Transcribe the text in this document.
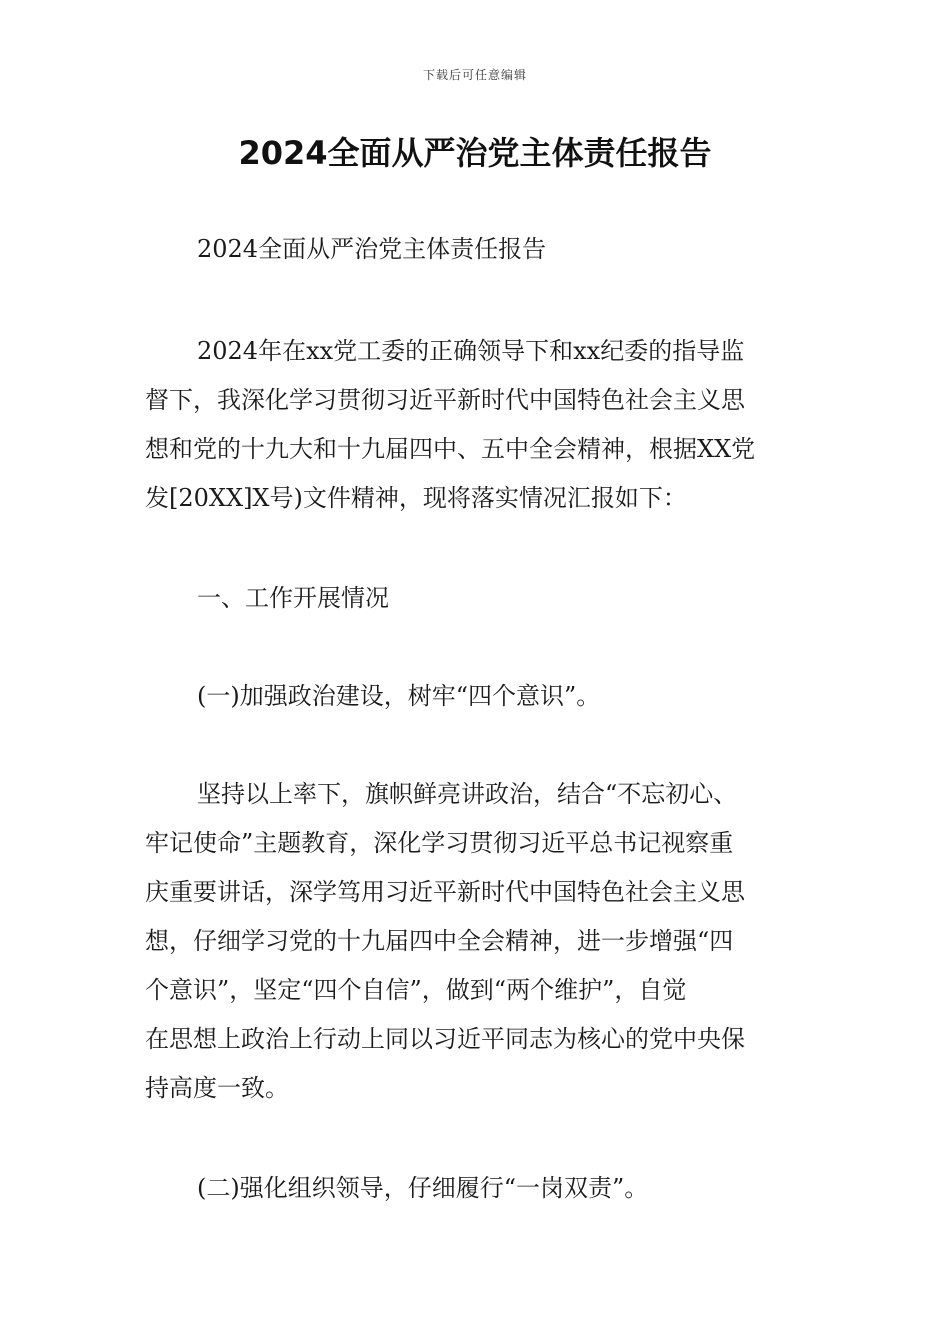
下载后可任意编辑
2024全面从严治党主体责任报告

2024全面从严治党主体责任报告

2024年在xx党工委的正确领导下和xx纪委的指导监
督下，我深化学习贯彻习近平新时代中国特色社会主义思
想和党的十九大和十九届四中、五中全会精神，根据XX党
发[20XX]X号)文件精神，现将落实情况汇报如下：

一、工作开展情况

(一)加强政治建设，树牢“四个意识”。

坚持以上率下，旗帜鲜亮讲政治，结合“不忘初心、
牢记使命”主题教育，深化学习贯彻习近平总书记视察重
庆重要讲话，深学笃用习近平新时代中国特色社会主义思
想，仔细学习党的十九届四中全会精神，进一步增强“四
个意识”，坚定“四个自信”，做到“两个维护”，自觉
在思想上政治上行动上同以习近平同志为核心的党中央保
持高度一致。

(二)强化组织领导，仔细履行“一岗双责”。
